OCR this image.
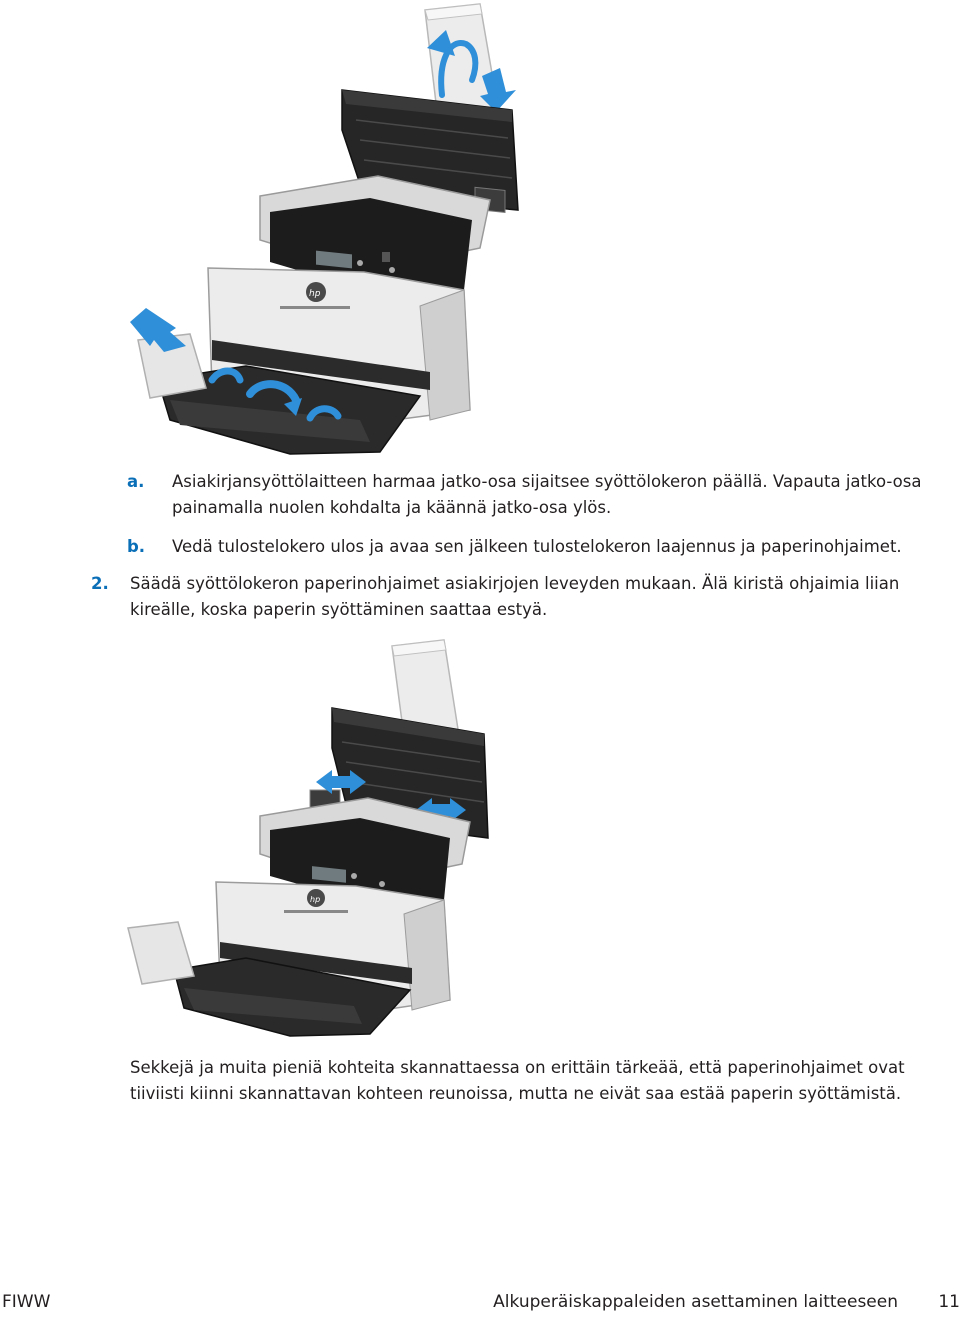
hp
a.	Asiakirjansyöttölaitteen harmaa jatko-osa sijaitsee syöttölokeron päällä. Vapauta jatko-osa painamalla nuolen kohdalta ja käännä jatko-osa ylös.
b.	Vedä tulostelokero ulos ja avaa sen jälkeen tulostelokeron laajennus ja paperinohjaimet.
2. Säädä syöttölokeron paperinohjaimet asiakirjojen leveyden mukaan. Älä kiristä ohjaimia liian kireälle, koska paperin syöttäminen saattaa estyä.
hp
Sekkejä ja muita pieniä kohteita skannattaessa on erittäin tärkeää, että paperinohjaimet ovat tiiviisti kiinni skannattavan kohteen reunoissa, mutta ne eivät saa estää paperin syöttämistä.
FIWW	Alkuperäiskappaleiden asettaminen laitteeseen 11
